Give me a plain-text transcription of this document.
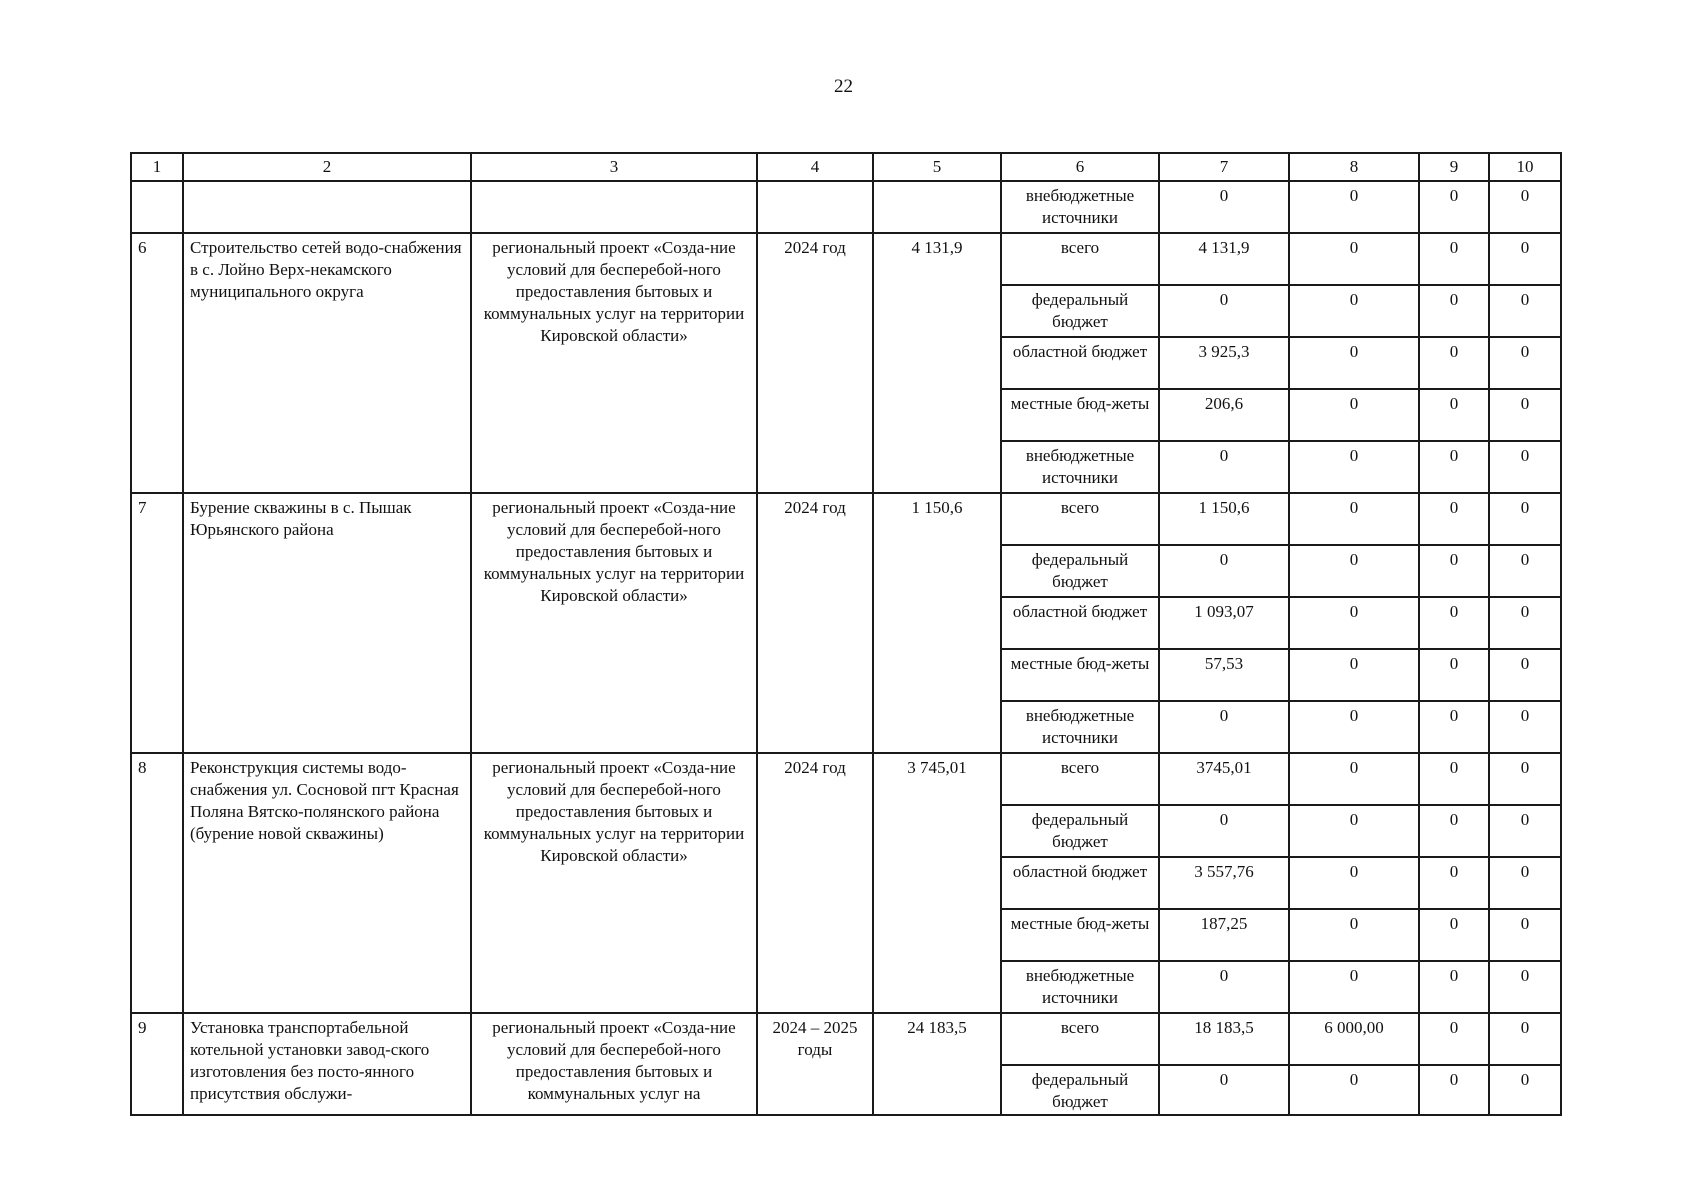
22
1	2	3	4	5	6	7	8	9	10
					внебюджетные источники	0	0	0	0
6	Строительство сетей водо-снабжения в с. Лойно Верх-некамского муниципального округа	региональный проект «Созда-ние условий для бесперебой-ного предоставления бытовых и коммунальных услуг на территории Кировской области»	2024 год	4 131,9	всего	4 131,9	0	0	0
					федеральный бюджет	0	0	0	0
					областной бюджет	3 925,3	0	0	0
					местные бюд-жеты	206,6	0	0	0
					внебюджетные источники	0	0	0	0
7	Бурение скважины в с. Пышак Юрьянского района	региональный проект «Созда-ние условий для бесперебой-ного предоставления бытовых и коммунальных услуг на территории Кировской области»	2024 год	1 150,6	всего	1 150,6	0	0	0
					федеральный бюджет	0	0	0	0
					областной бюджет	1 093,07	0	0	0
					местные бюд-жеты	57,53	0	0	0
					внебюджетные источники	0	0	0	0
8	Реконструкция системы водо-снабжения ул. Сосновой пгт Красная Поляна Вятско-полянского района (бурение новой скважины)	региональный проект «Созда-ние условий для бесперебой-ного предоставления бытовых и коммунальных услуг на территории Кировской области»	2024 год	3 745,01	всего	3745,01	0	0	0
					федеральный бюджет	0	0	0	0
					областной бюджет	3 557,76	0	0	0
					местные бюд-жеты	187,25	0	0	0
					внебюджетные источники	0	0	0	0
9	Установка транспортабельной котельной установки завод-ского изготовления без посто-янного присутствия обслужи-	региональный проект «Созда-ние условий для бесперебой-ного предоставления бытовых и коммунальных услуг на	2024 – 2025 годы	24 183,5	всего	18 183,5	6 000,00	0	0
					федеральный бюджет	0	0	0	0
